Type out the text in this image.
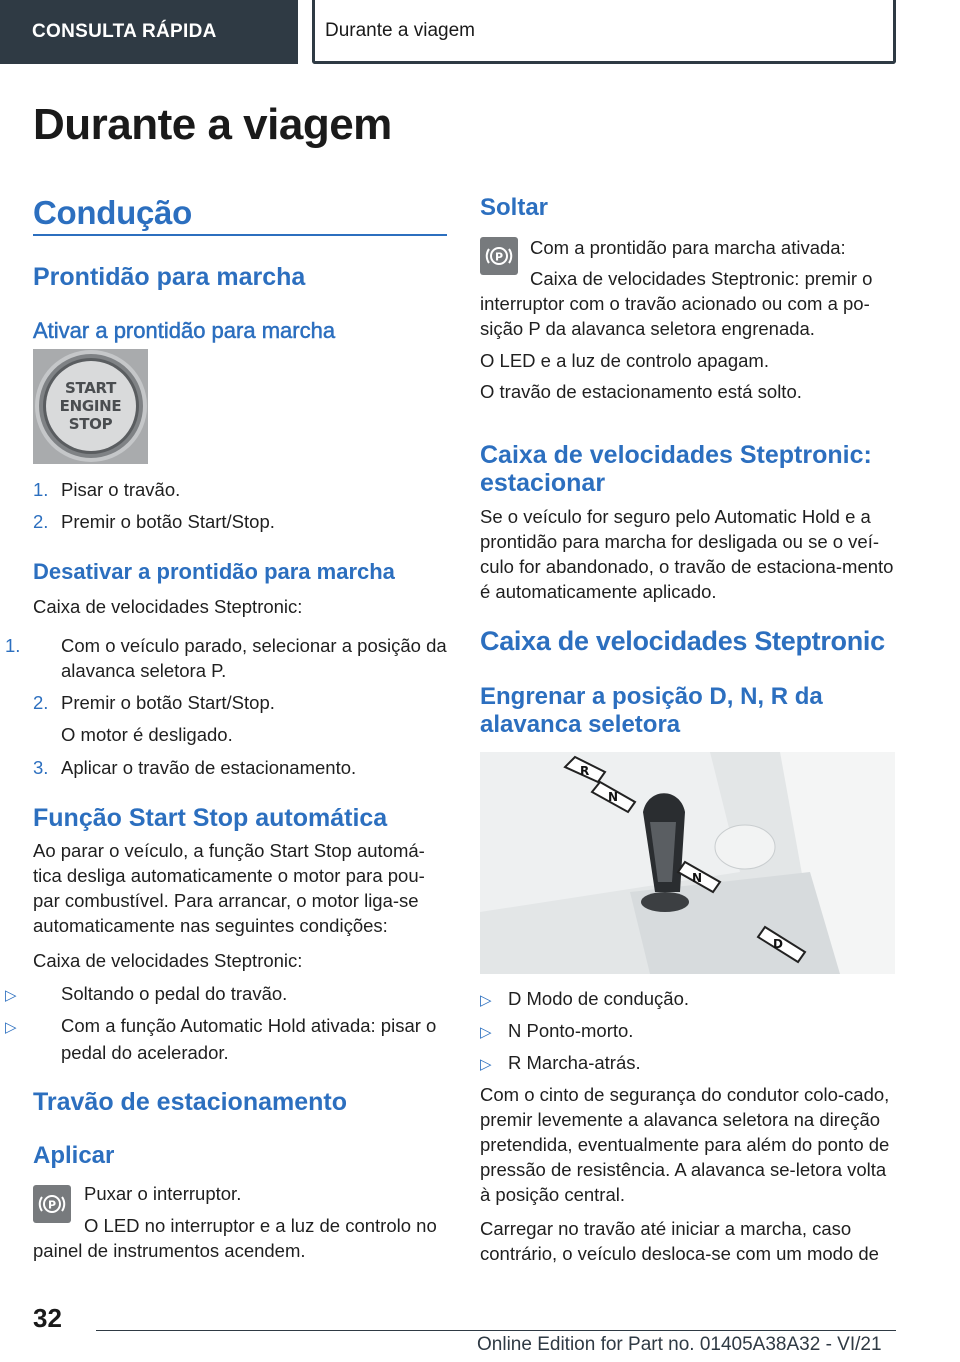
CONSULTA RÁPIDA	Durante a viagem
Durante a viagem
Condução
Prontidão para marcha
Ativar a prontidão para marcha
START
ENGINE
STOP

1. Pisar o travão.

2. Premir o botão Start/Stop.

Desativar a prontidão para marcha

Caixa de velocidades Steptronic:

1. Com o veículo parado, selecionar a posição da alavanca seletora P.

2. Premir o botão Start/Stop.

O motor é desligado.

3. Aplicar o travão de estacionamento.

Função Start Stop automática

Ao parar o veículo, a função Start Stop automá-tica desliga automaticamente o motor para pou-par combustível. Para arrancar, o motor liga-se automaticamente nas seguintes condições:

Caixa de velocidades Steptronic:

▷ Soltando o pedal do travão.

▷ Com a função Automatic Hold ativada: pisar o pedal do acelerador.

Travão de estacionamento
Aplicar
P

Puxar o interruptor.

O LED no interruptor e a luz de controlo no painel de instrumentos acendem.

Soltar
P Com a prontidão para marcha ativada:

Caixa de velocidades Steptronic: premir o interruptor com o travão acionado ou com a po-sição P da alavanca seletora engrenada.

O LED e a luz de controlo apagam.

O travão de estacionamento está solto.

Caixa de velocidades Steptronic: estacionar

Se o veículo for seguro pelo Automatic Hold e a prontidão para marcha for desligada ou se o veí-culo for abandonado, o travão de estaciona-mento é automaticamente aplicado.

Caixa de velocidades Steptronic
Engrenar a posição D, N, R da alavanca seletora
R
N
N
D

▷ D Modo de condução.

▷ N Ponto-morto.

▷ R Marcha-atrás.

Com o cinto de segurança do condutor colo-cado, premir levemente a alavanca seletora na direção pretendida, eventualmente para além do ponto de pressão de resistência. A alavanca se-letora volta à posição central.

Carregar no travão até iniciar a marcha, caso contrário, o veículo desloca-se com um modo de

32
Online Edition for Part no. 01405A38A32 - VI/21
